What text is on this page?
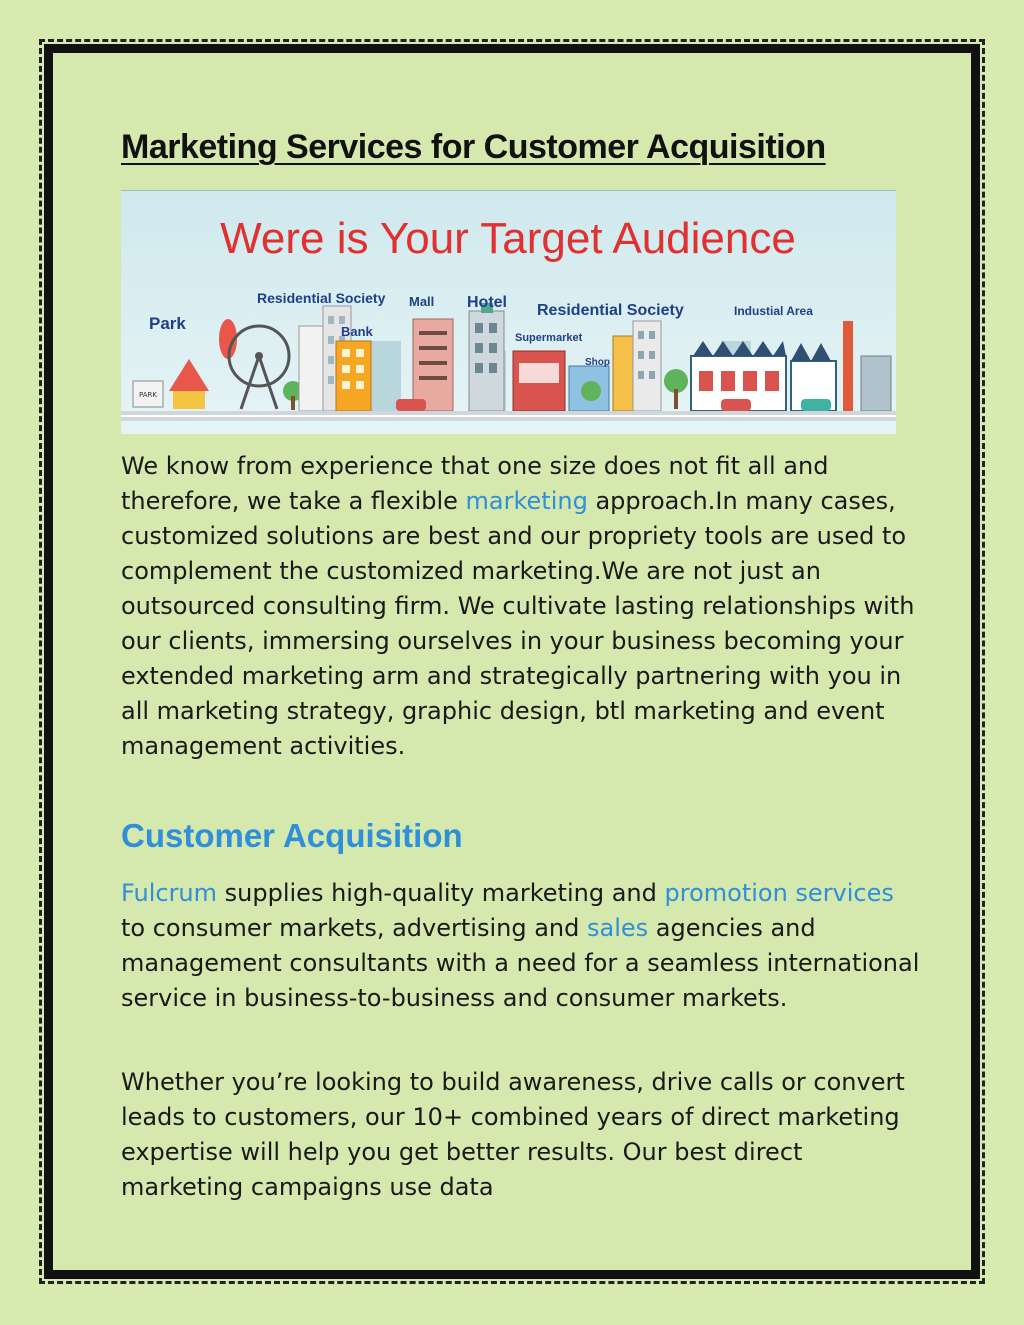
Marketing Services for Customer Acquisition
Were is Your Target Audience
PARK
Park
Residential Society
Bank
Mall Hotel
Supermarket
Residential Society
Shop
Industial Area

We know from experience that one size does not fit all and therefore, we take a flexible marketing approach.In many cases, customized solutions are best and our propriety tools are used to complement the customized marketing.We are not just an outsourced consulting firm. We cultivate lasting relationships with our clients, immersing ourselves in your business becoming your extended marketing arm and strategically partnering with you in all marketing strategy, graphic design, btl marketing and event management activities.

Customer Acquisition

Fulcrum supplies high-quality marketing and promotion services to consumer markets, advertising and sales agencies and management consultants with a need for a seamless international service in business-to-business and consumer markets.

Whether you’re looking to build awareness, drive calls or convert leads to customers, our 10+ combined years of direct marketing expertise will help you get better results. Our best direct marketing campaigns use data
